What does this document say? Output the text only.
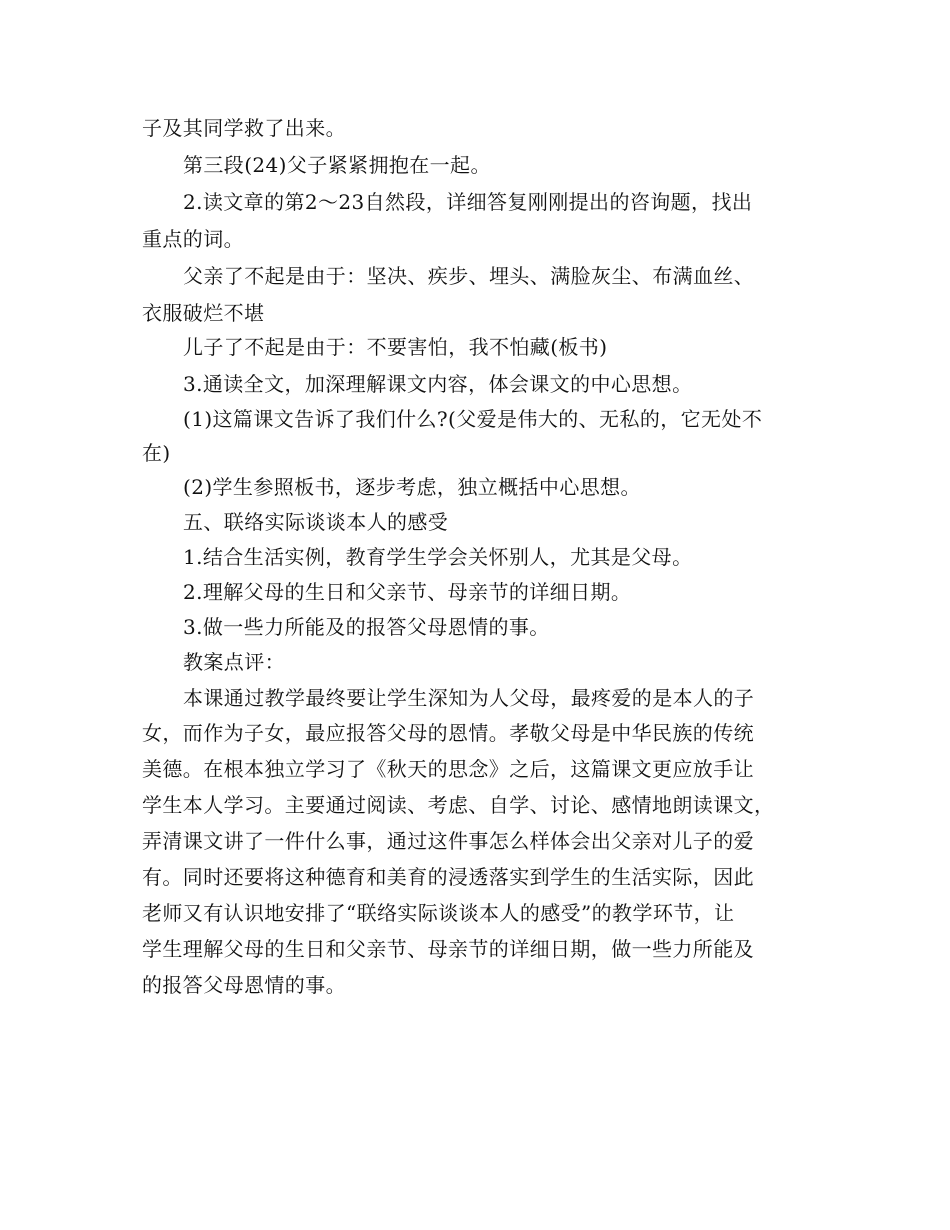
子及其同学救了出来。
第三段(24)父子紧紧拥抱在一起。
2.读文章的第2～23自然段，详细答复刚刚提出的咨询题，找出
重点的词。
父亲了不起是由于：坚决、疾步、埋头、满脸灰尘、布满血丝、
衣服破烂不堪
儿子了不起是由于：不要害怕，我不怕藏(板书)
3.通读全文，加深理解课文内容，体会课文的中心思想。
(1)这篇课文告诉了我们什么?(父爱是伟大的、无私的，它无处不
在)
(2)学生参照板书，逐步考虑，独立概括中心思想。
五、联络实际谈谈本人的感受
1.结合生活实例，教育学生学会关怀别人，尤其是父母。
2.理解父母的生日和父亲节、母亲节的详细日期。
3.做一些力所能及的报答父母恩情的事。
教案点评：
本课通过教学最终要让学生深知为人父母，最疼爱的是本人的子
女，而作为子女，最应报答父母的恩情。孝敬父母是中华民族的传统
美德。在根本独立学习了《秋天的思念》之后，这篇课文更应放手让
学生本人学习。主要通过阅读、考虑、自学、讨论、感情地朗读课文，
弄清课文讲了一件什么事，通过这件事怎么样体会出父亲对儿子的爱
有。同时还要将这种德育和美育的浸透落实到学生的生活实际，因此
老师又有认识地安排了“联络实际谈谈本人的感受”的教学环节，让
学生理解父母的生日和父亲节、母亲节的详细日期，做一些力所能及
的报答父母恩情的事。
